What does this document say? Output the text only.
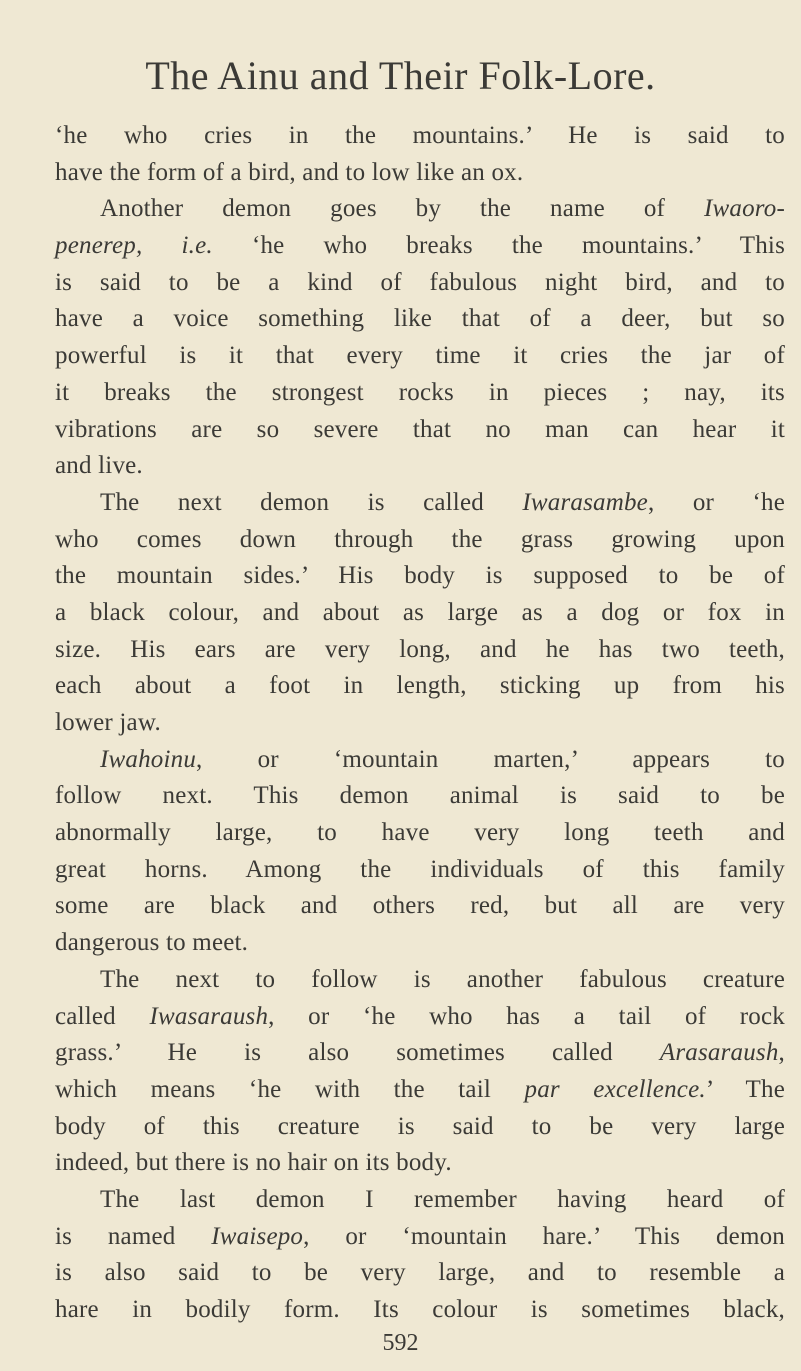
The Ainu and Their Folk-Lore.
‘he who cries in the mountains.’ He is said to
have the form of a bird, and to low like an ox.
Another demon goes by the name of Iwaoro-
penerep, i.e. ‘he who breaks the mountains.’ This
is said to be a kind of fabulous night bird, and to
have a voice something like that of a deer, but so
powerful is it that every time it cries the jar of
it breaks the strongest rocks in pieces ; nay, its
vibrations are so severe that no man can hear it
and live.
The next demon is called Iwarasambe, or ‘he
who comes down through the grass growing upon
the mountain sides.’ His body is supposed to be of
a black colour, and about as large as a dog or fox in
size. His ears are very long, and he has two teeth,
each about a foot in length, sticking up from his
lower jaw.
Iwahoinu, or ‘mountain marten,’ appears to
follow next. This demon animal is said to be
abnormally large, to have very long teeth and
great horns. Among the individuals of this family
some are black and others red, but all are very
dangerous to meet.
The next to follow is another fabulous creature
called Iwasaraush, or ‘he who has a tail of rock
grass.’ He is also sometimes called Arasaraush,
which means ‘he with the tail par excellence.’ The
body of this creature is said to be very large
indeed, but there is no hair on its body.
The last demon I remember having heard of
is named Iwaisepo, or ‘mountain hare.’ This demon
is also said to be very large, and to resemble a
hare in bodily form. Its colour is sometimes black,
592
